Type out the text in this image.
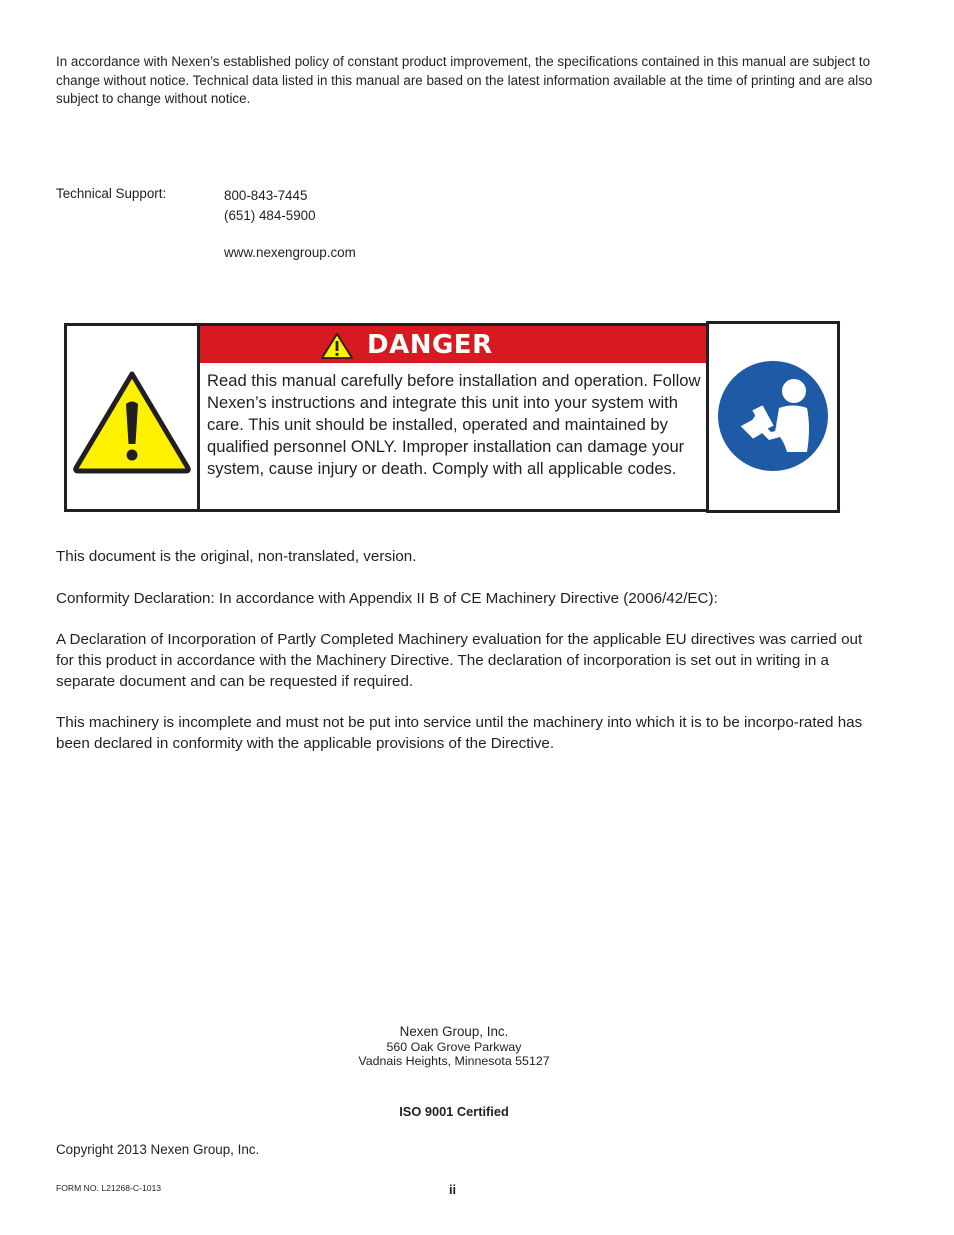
In accordance with Nexen’s established policy of constant product improvement, the specifications contained in this manual are subject to change without notice. Technical data listed in this manual are based on the latest information available at the time of printing and are also subject to change without notice.
Technical Support:	800-843-7445
(651) 484-5900
www.nexengroup.com
DANGER
Read this manual carefully before installation and operation. Follow Nexen’s instructions and integrate this unit into your system with care. This unit should be installed, operated and maintained by qualified personnel ONLY. Improper installation can damage your system, cause injury or death. Comply with all applicable codes.
This document is the original, non-translated, version.
Conformity Declaration: In accordance with Appendix II B of CE Machinery Directive (2006/42/EC):
A Declaration of Incorporation of Partly Completed Machinery evaluation for the applicable EU directives was carried out for this product in accordance with the Machinery Directive. The declaration of incorporation is set out in writing in a separate document and can be requested if required.
This machinery is incomplete and must not be put into service until the machinery into which it is to be incorpo-rated has been declared in conformity with the applicable provisions of the Directive.
Nexen Group, Inc.
560 Oak Grove Parkway
Vadnais Heights, Minnesota 55127
ISO 9001 Certified
Copyright 2013 Nexen Group, Inc.
FORM NO. L21268-C-1013	ii
